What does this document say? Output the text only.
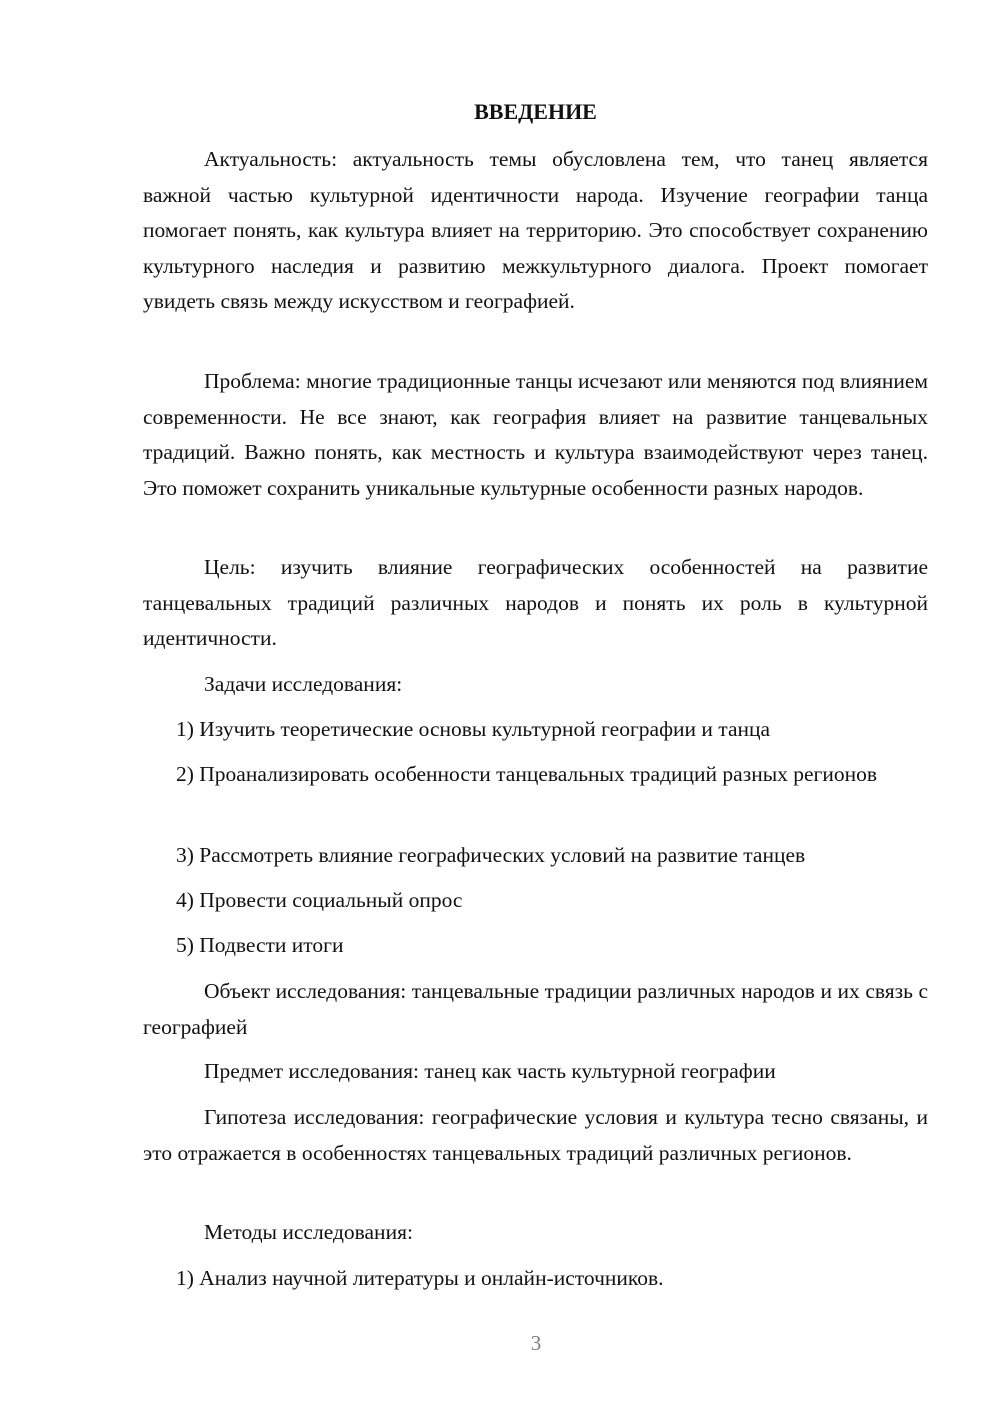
ВВЕДЕНИЕ

Актуальность: актуальность темы обусловлена тем, что танец является важной частью культурной идентичности народа. Изучение географии танца помогает понять, как культура влияет на территорию. Это способствует сохранению культурного наследия и развитию межкультурного диалога. Проект помогает увидеть связь между искусством и географией.

Проблема: многие традиционные танцы исчезают или меняются под влиянием современности. Не все знают, как география влияет на развитие танцевальных традиций. Важно понять, как местность и культура взаимодействуют через танец. Это поможет сохранить уникальные культурные особенности разных народов.

Цель: изучить влияние географических особенностей на развитие танцевальных традиций различных народов и понять их роль в культурной идентичности.

Задачи исследования:

1) Изучить теоретические основы культурной географии и танца

2) Проанализировать особенности танцевальных традиций разных регионов

3) Рассмотреть влияние географических условий на развитие танцев

4) Провести социальный опрос

5) Подвести итоги

Объект исследования: танцевальные традиции различных народов и их связь с географией

Предмет исследования: танец как часть культурной географии

Гипотеза исследования: географические условия и культура тесно связаны, и это отражается в особенностях танцевальных традиций различных регионов.

Методы исследования:

1) Анализ научной литературы и онлайн-источников.

3
